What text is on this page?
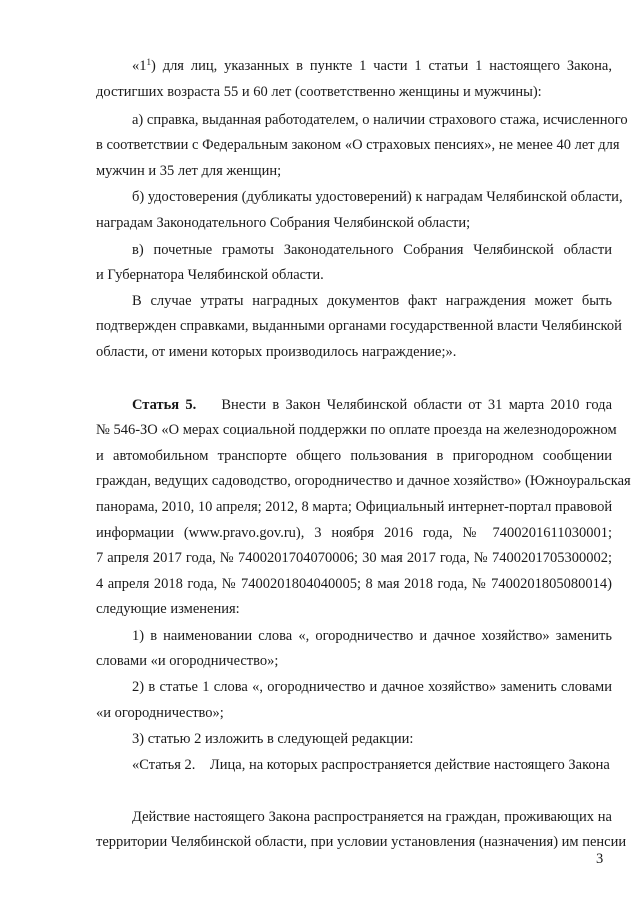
«$1^1$) для лиц, указанных в пункте 1 части 1 статьи 1 настоящего Закона,
достигших возраста 55 и 60 лет (соответственно женщины и мужчины):
а) справка, выданная работодателем, о наличии страхового стажа, исчисленного
в соответствии с Федеральным законом «О страховых пенсиях», не менее 40 лет для
мужчин и 35 лет для женщин;
б) удостоверения (дубликаты удостоверений) к наградам Челябинской области,
наградам Законодательного Собрания Челябинской области;
в) почетные грамоты Законодательного Собрания Челябинской области
и Губернатора Челябинской области.
В случае утраты наградных документов факт награждения может быть
подтвержден справками, выданными органами государственной власти Челябинской
области, от имени которых производилось награждение;».
Статья 5. Внести в Закон Челябинской области от 31 марта 2010 года
№ 546-ЗО «О мерах социальной поддержки по оплате проезда на железнодорожном
и автомобильном транспорте общего пользования в пригородном сообщении
граждан, ведущих садоводство, огородничество и дачное хозяйство» (Южноуральская
панорама, 2010, 10 апреля; 2012, 8 марта; Официальный интернет-портал правовой
информации (www.pravo.gov.ru), 3 ноября 2016 года, № 7400201611030001;
7 апреля 2017 года, № 7400201704070006; 30 мая 2017 года, № 7400201705300002;
4 апреля 2018 года, № 7400201804040005; 8 мая 2018 года, № 7400201805080014)
следующие изменения:
1) в наименовании слова «, огородничество и дачное хозяйство» заменить
словами «и огородничество»;
2) в статье 1 слова «, огородничество и дачное хозяйство» заменить словами
«и огородничество»;
3) статью 2 изложить в следующей редакции:
«Статья 2.    Лица, на которых распространяется действие настоящего Закона
Действие настоящего Закона распространяется на граждан, проживающих на
территории Челябинской области, при условии установления (назначения) им пенсии
3
